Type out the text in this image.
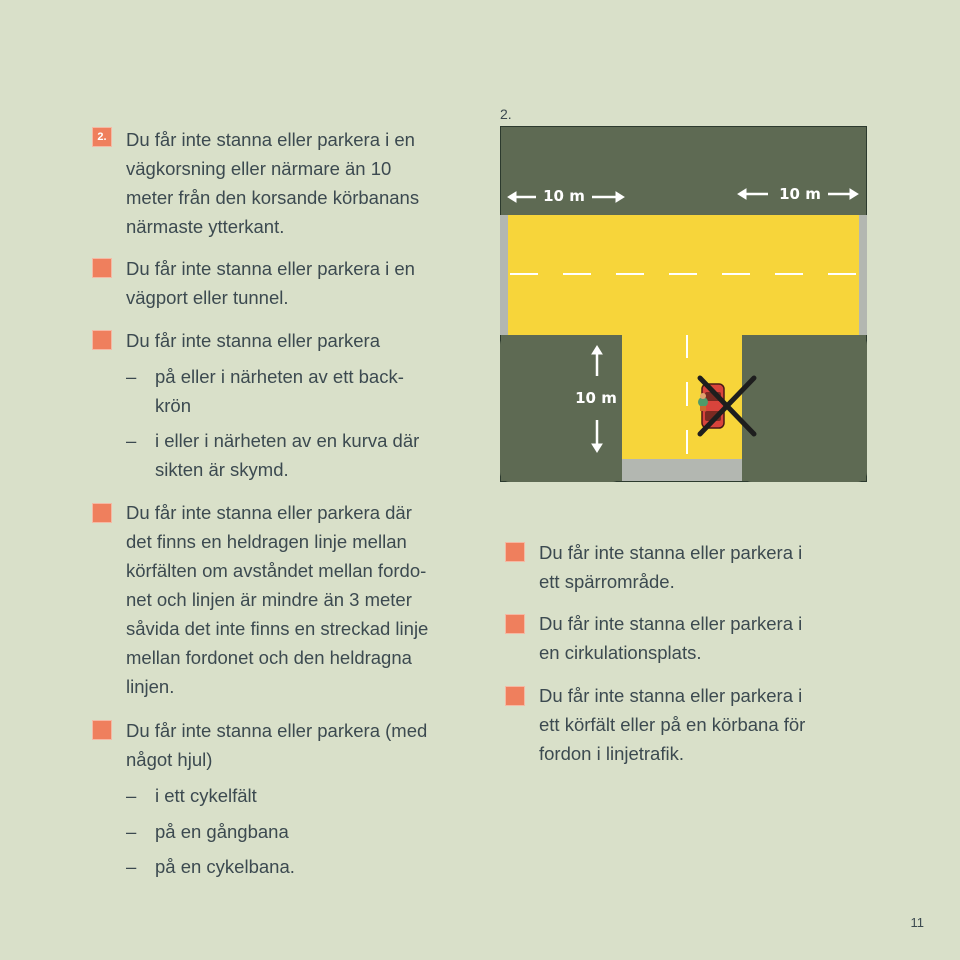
2. Du får inte stanna eller parkera i en
vägkorsning eller närmare än 10
meter från den korsande körbanans
närmaste ytterkant.
Du får inte stanna eller parkera i en
vägport eller tunnel.
Du får inte stanna eller parkera
– på eller i närheten av ett back-
krön
– i eller i närheten av en kurva där
sikten är skymd.
Du får inte stanna eller parkera där
det finns en heldragen linje mellan
körfälten om avståndet mellan fordo-
net och linjen är mindre än 3 meter
såvida det inte finns en streckad linje
mellan fordonet och den heldragna
linjen.
Du får inte stanna eller parkera (med
något hjul)
– i ett cykelfält
– på en gångbana
– på en cykelbana.
2.
10 m	10 m
10 m
Du får inte stanna eller parkera i
ett spärrområde.
Du får inte stanna eller parkera i
en cirkulationsplats.
Du får inte stanna eller parkera i
ett körfält eller på en körbana för
fordon i linjetrafik.
11
